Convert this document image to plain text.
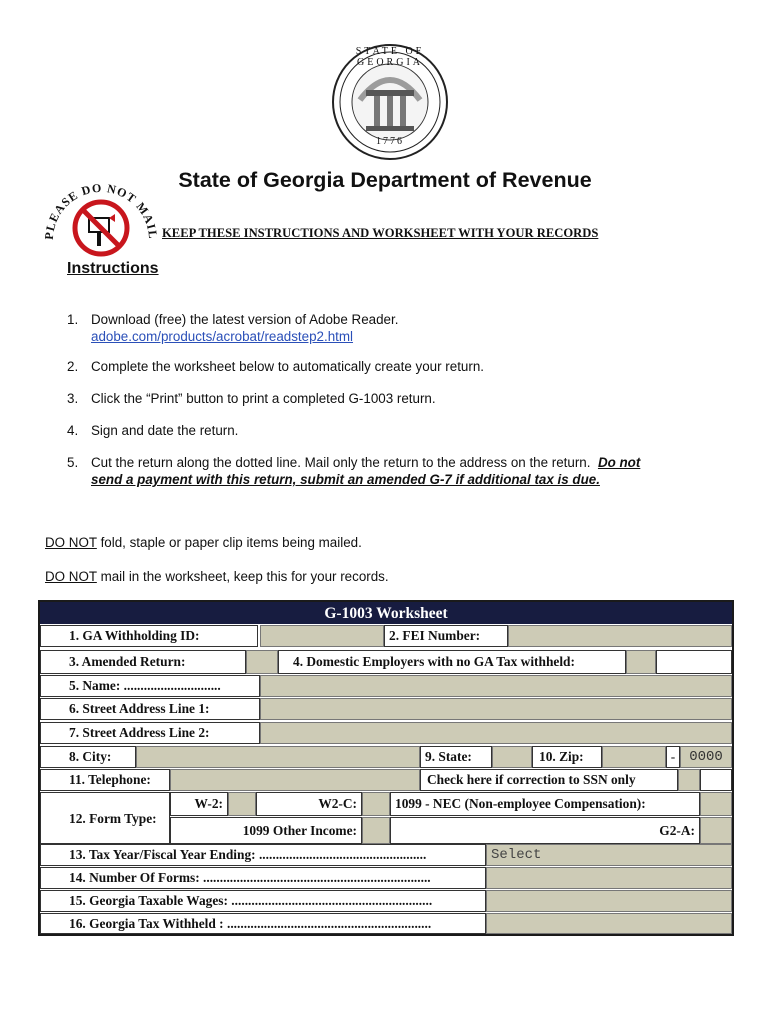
STATE OF GEORGIA
1776
State of Georgia Department of Revenue
EASE DO NOT MA
KEEP THESE INSTRUCTIONS AND WORKSHEET WITH YOUR RECORDS
Instructions
1. Download (free) the latest version of Adobe Reader.
adobe.com/products/acrobat/readstep2.html
2. Complete the worksheet below to automatically create your return.
3. Click the “Print” button to print a completed G-1003 return.
4. Sign and date the return.
5. Cut the return along the dotted line. Mail only the return to the address on the return. Do not
send a payment with this return, submit an amended G-7 if additional tax is due.
DO NOT fold, staple or paper clip items being mailed.
DO NOT mail in the worksheet, keep this for your records.
G-1003 Worksheet
1. GA Withholding ID:	2. FEI Number:
3. Amended Return:	4. Domestic Employers with no GA Tax withheld:
5. Name: .............................
6. Street Address Line 1:
7. Street Address Line 2:
8. City:	9. State:	10. Zip:	- 0000
11. Telephone:	Check here if correction to SSN only
12. Form Type:
W-2:	W2-C:	1099 - NEC (Non-employee Compensation):
1099 Other Income:	G2-A:
13. Tax Year/Fiscal Year Ending: ..................................................	Select
14. Number Of Forms: ....................................................................
15. Georgia Taxable Wages: ............................................................
16. Georgia Tax Withheld : .............................................................
